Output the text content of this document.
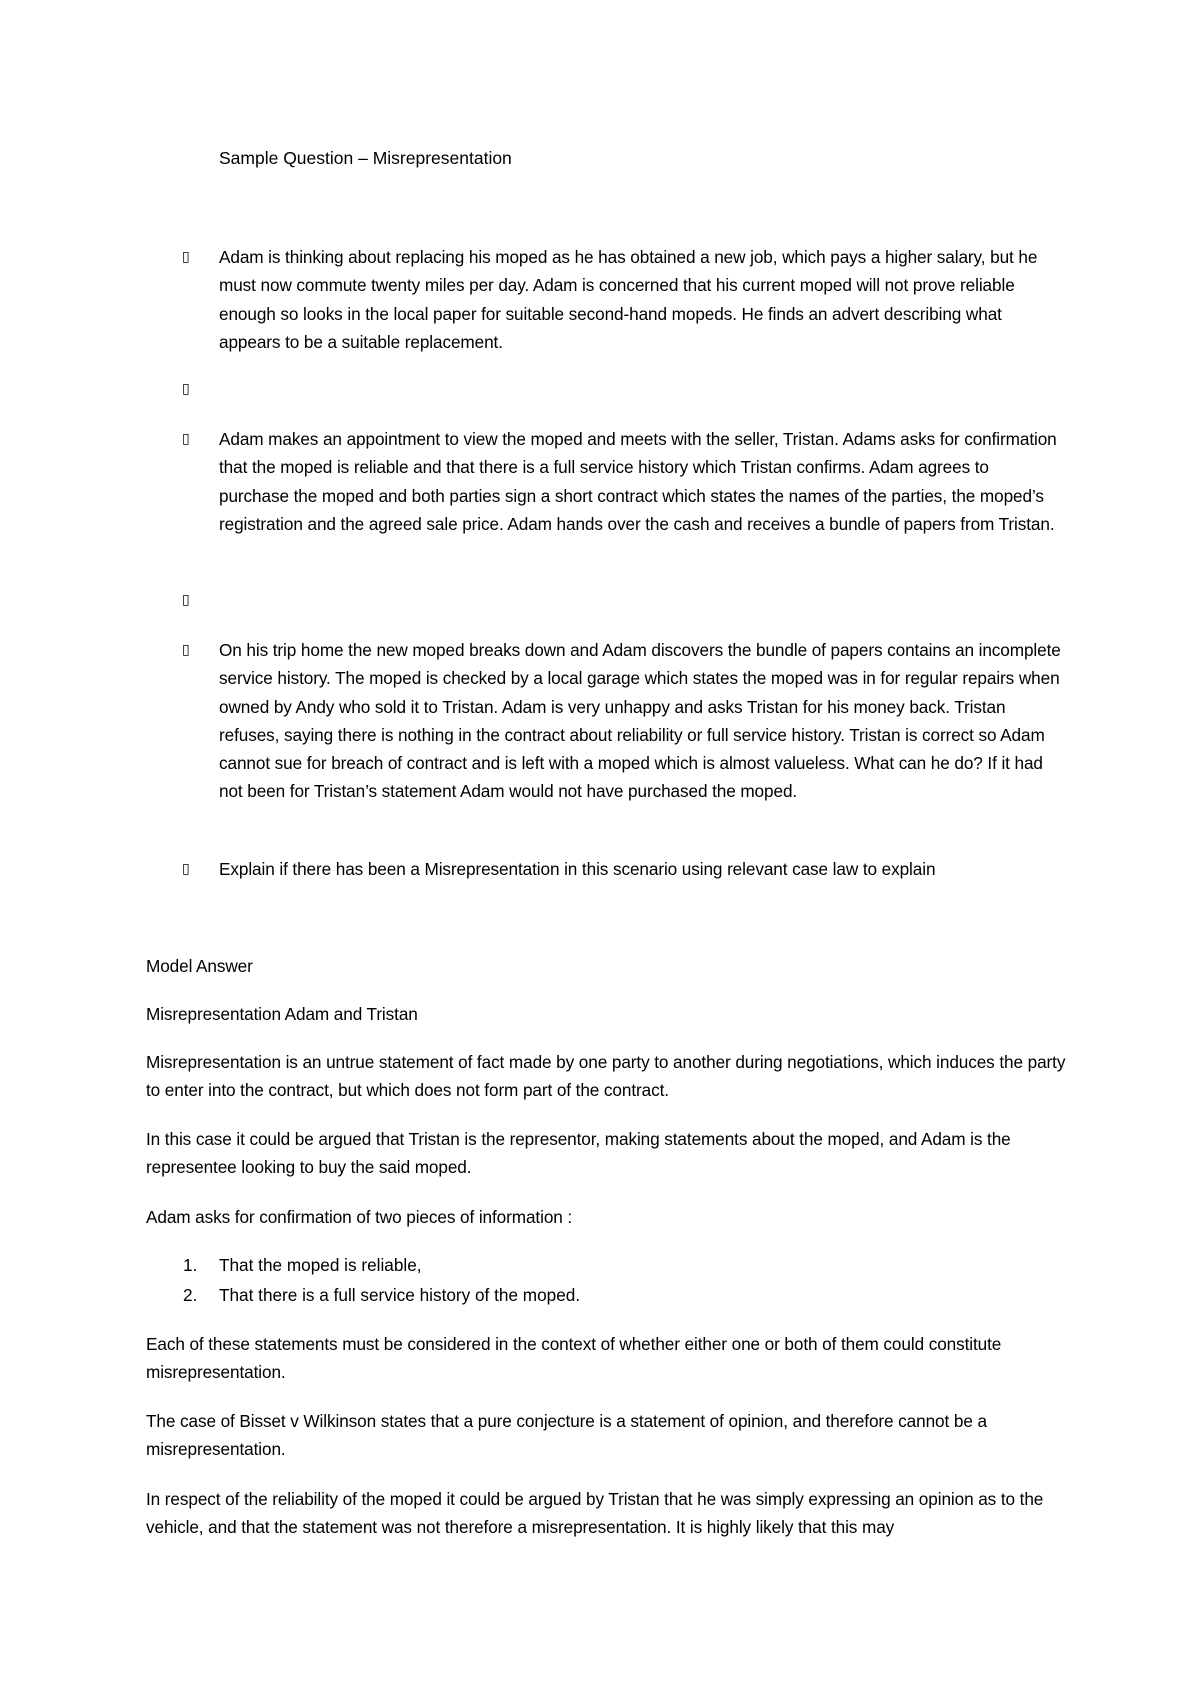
Sample Question – Misrepresentation
▯	Adam is thinking about replacing his moped as he has obtained a new job, which pays a higher salary, but he must now commute twenty miles per day. Adam is concerned that his current moped will not prove reliable enough so looks in the local paper for suitable second-hand mopeds. He finds an advert describing what appears to be a suitable replacement.
▯
▯	Adam makes an appointment to view the moped and meets with the seller, Tristan. Adams asks for confirmation that the moped is reliable and that there is a full service history which Tristan confirms. Adam agrees to purchase the moped and both parties sign a short contract which states the names of the parties, the moped’s registration and the agreed sale price. Adam hands over the cash and receives a bundle of papers from Tristan.
▯
▯	On his trip home the new moped breaks down and Adam discovers the bundle of papers contains an incomplete service history. The moped is checked by a local garage which states the moped was in for regular repairs when owned by Andy who sold it to Tristan. Adam is very unhappy and asks Tristan for his money back. Tristan refuses, saying there is nothing in the contract about reliability or full service history. Tristan is correct so Adam cannot sue for breach of contract and is left with a moped which is almost valueless. What can he do? If it had not been for Tristan’s statement Adam would not have purchased the moped.
▯	Explain if there has been a Misrepresentation in this scenario using relevant case law to explain
Model Answer
Misrepresentation Adam and Tristan
Misrepresentation is an untrue statement of fact made by one party to another during negotiations, which induces the party to enter into the contract, but which does not form part of the contract.
In this case it could be argued that Tristan is the representor, making statements about the moped, and Adam is the representee looking to buy the said moped.
Adam asks for confirmation of two pieces of information :
1. That the moped is reliable,
2. That there is a full service history of the moped.
Each of these statements must be considered in the context of whether either one or both of them could constitute misrepresentation.
The case of Bisset v Wilkinson states that a pure conjecture is a statement of opinion, and therefore cannot be a misrepresentation.
In respect of the reliability of the moped it could be argued by Tristan that he was simply expressing an opinion as to the vehicle, and that the statement was not therefore a misrepresentation. It is highly likely that this may
